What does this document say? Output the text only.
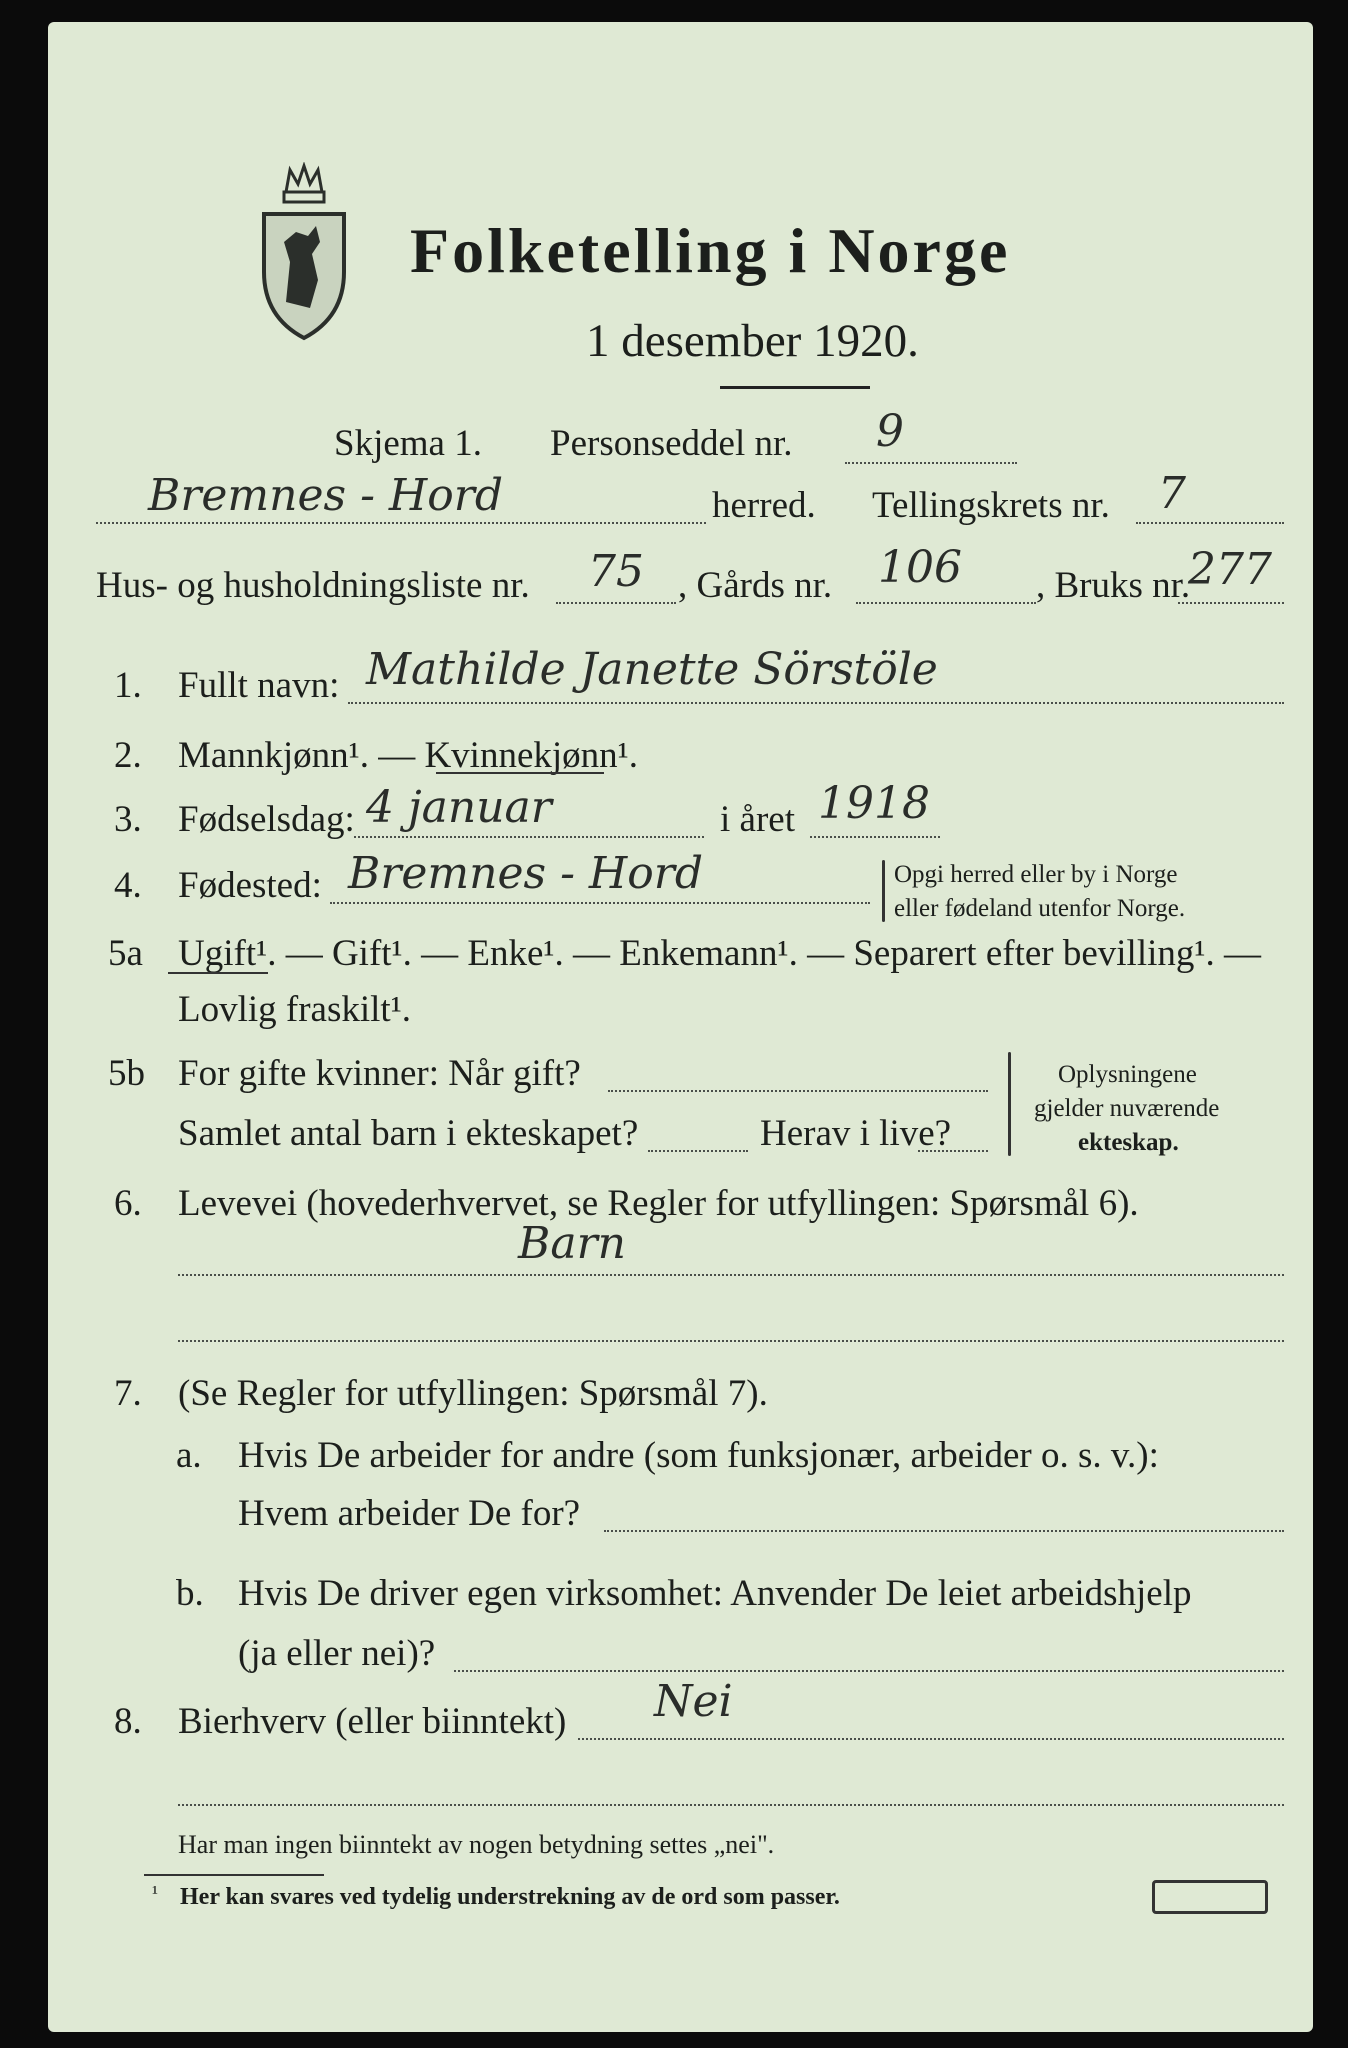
Folketelling i Norge
1 desember 1920.
Skjema 1. Personseddel nr. 9
Bremnes - Hord	herred. Tellingskrets nr. 7
Hus- og husholdningsliste nr. 75 , Gårds nr. 106 , Bruks nr.
277
1. Fullt navn: Mathilde Janette Sörstöle
2. Mannkjønn¹. — Kvinnekjønn¹.
3. Fødselsdag: 4 januar	i året 1918
4. Fødested: Bremnes - Hord	Opgi herred eller by i Norge
eller fødeland utenfor Norge.
5a Ugift¹. — Gift¹. — Enke¹. — Enkemann¹. — Separert efter bevilling¹. —
Lovlig fraskilt¹.
5b For gifte kvinner: Når gift?
Samlet antal barn i ekteskapet?	Herav i live?
Oplysningene
gjelder nuværende
ekteskap.
6. Levevei (hovederhvervet, se Regler for utfyllingen: Spørsmål 6).
Barn
7. (Se Regler for utfyllingen: Spørsmål 7).
a. Hvis De arbeider for andre (som funksjonær, arbeider o. s. v.):
Hvem arbeider De for?
b. Hvis De driver egen virksomhet: Anvender De leiet arbeidshjelp
(ja eller nei)?
8. Bierhverv (eller biinntekt) Nei
Har man ingen biinntekt av nogen betydning settes „nei".
¹ Her kan svares ved tydelig understrekning av de ord som passer.
